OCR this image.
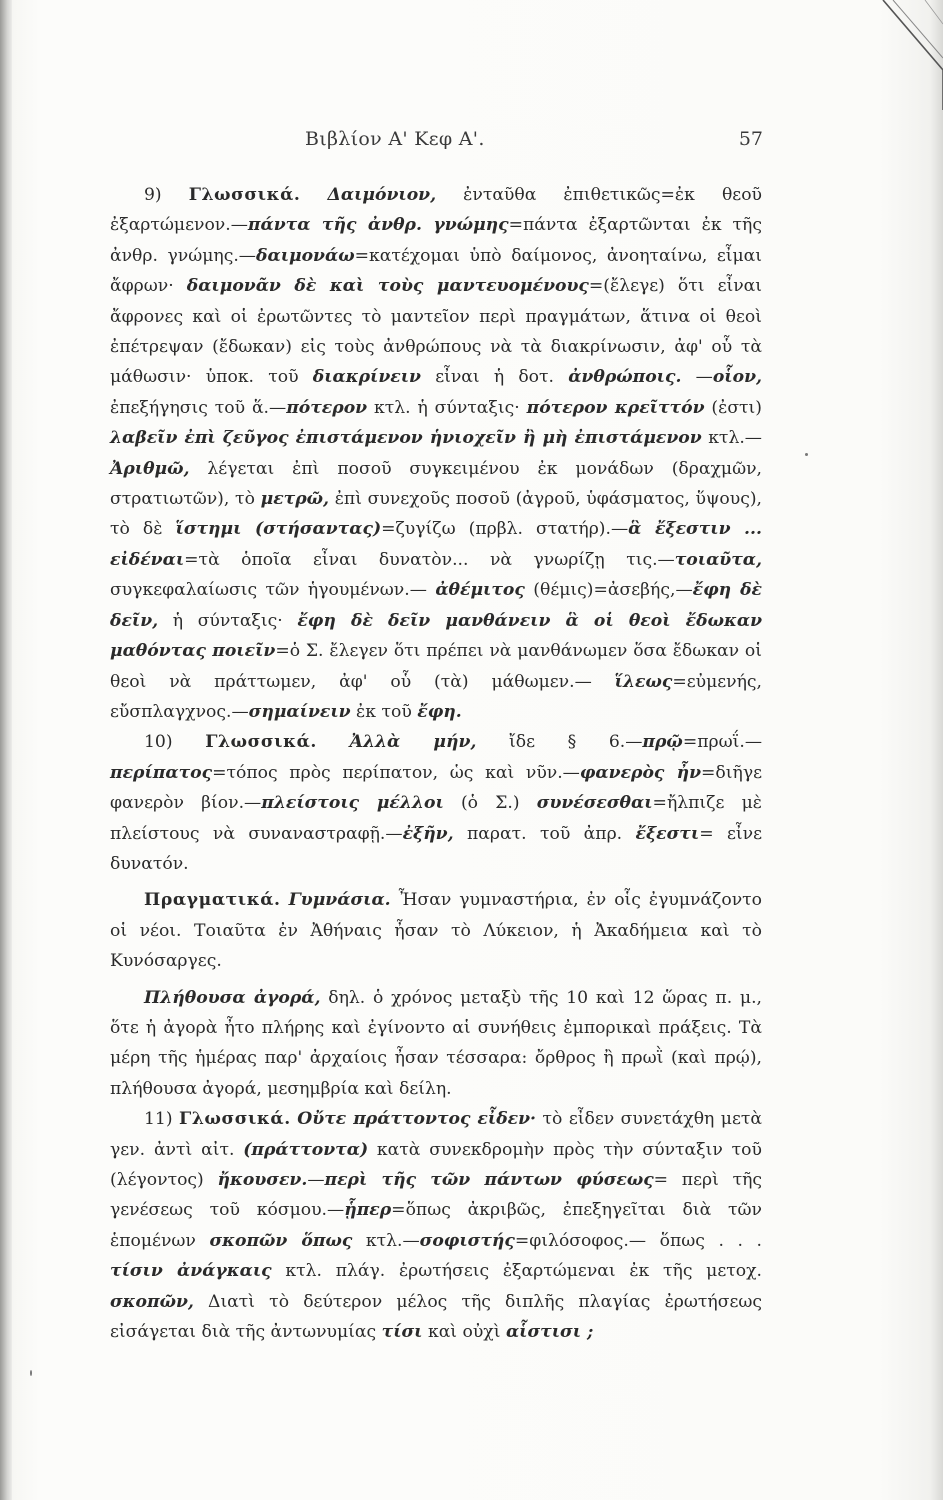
Βιβλίον Α' Κεφ Α'.	57

9) Γλωσσικά. Δαιμόνιον, ἐνταῦθα ἐπιθετικῶς=ἐκ θεοῦ ἐξαρτώμενον.—πάντα τῆς ἀνθρ. γνώμης=πάντα ἐξαρτῶνται ἐκ τῆς ἀνθρ. γνώμης.—δαιμονάω=κατέχομαι ὑπὸ δαίμονος, ἀνοηταίνω, εἶμαι ἄφρων· δαιμονᾶν δὲ καὶ τοὺς μαντευομένους=(ἔλεγε) ὅτι εἶναι ἄφρονες καὶ οἱ ἐρωτῶντες τὸ μαντεῖον περὶ πραγμάτων, ἅτινα οἱ θεοὶ ἐπέτρεψαν (ἔδωκαν) εἰς τοὺς ἀνθρώπους νὰ τὰ διακρίνωσιν, ἀφ' οὗ τὰ μάθωσιν· ὑποκ. τοῦ διακρίνειν εἶναι ἡ δοτ. ἀνθρώποις. —οἷον, ἐπεξήγησις τοῦ ἅ.—πότερον κτλ. ἡ σύνταξις· πότερον κρεῖττόν (ἐστι) λαβεῖν ἐπὶ ζεῦγος ἐπιστάμενον ἡνιοχεῖν ἢ μὴ ἐπιστάμενον κτλ.—Ἀριθμῶ, λέγεται ἐπὶ ποσοῦ συγκειμένου ἐκ μονάδων (δραχμῶν, στρατιωτῶν), τὸ μετρῶ, ἐπὶ συνεχοῦς ποσοῦ (ἀγροῦ, ὑφάσματος, ὕψους), τὸ δὲ ἵστημι (στήσαντας)=ζυγίζω (πρβλ. στατήρ).—ἃ ἔξεστιν ... εἰδέναι=τὰ ὁποῖα εἶναι δυνατὸν... νὰ γνωρίζῃ τις.—τοιαῦτα, συγκεφαλαίωσις τῶν ἡγουμένων.— ἀθέμιτος (θέμις)=ἀσεβής,—ἔφη δὲ δεῖν, ἡ σύνταξις· ἔφη δὲ δεῖν μανθάνειν ἃ οἱ θεοὶ ἔδωκαν μαθόντας ποιεῖν=ὁ Σ. ἔλεγεν ὅτι πρέπει νὰ μανθάνωμεν ὅσα ἔδωκαν οἱ θεοὶ νὰ πράττωμεν, ἀφ' οὗ (τὰ) μάθωμεν.— ἵλεως=εὐμενής, εὔσπλαγχνος.—σημαίνειν ἐκ τοῦ ἔφη.

10) Γλωσσικά. Ἀλλὰ μήν, ἴδε § 6.—πρῷ=πρωΐ.—περίπατος=τόπος πρὸς περίπατον, ὡς καὶ νῦν.—φανερὸς ἦν=διῆγε φανερὸν βίον.—πλείστοις μέλλοι (ὁ Σ.) συνέσεσθαι=ἤλπιζε μὲ πλείστους νὰ συναναστραφῇ.—ἐξῆν, παρατ. τοῦ ἀπρ. ἔξεστι= εἶνε δυνατόν.

Πραγματικά. Γυμνάσια. Ἦσαν γυμναστήρια, ἐν οἷς ἐγυμνάζοντο οἱ νέοι. Τοιαῦτα ἐν Ἀθήναις ἦσαν τὸ Λύκειον, ἡ Ἀκαδήμεια καὶ τὸ Κυνόσαργες.

Πλήθουσα ἀγορά, δηλ. ὁ χρόνος μεταξὺ τῆς 10 καὶ 12 ὥρας π. μ., ὅτε ἡ ἀγορὰ ἦτο πλήρης καὶ ἐγίνοντο αἱ συνήθεις ἐμπορικαὶ πράξεις. Τὰ μέρη τῆς ἡμέρας παρ' ἀρχαίοις ἦσαν τέσσαρα: ὄρθρος ἢ πρωῒ (καὶ πρῴ), πλήθουσα ἀγορά, μεσημβρία καὶ δείλη.

11) Γλωσσικά. Οὔτε πράττοντος εἶδεν· τὸ εἶδεν συνετάχθη μετὰ γεν. ἀντὶ αἰτ. (πράττοντα) κατὰ συνεκδρομὴν πρὸς τὴν σύνταξιν τοῦ (λέγοντος) ἤκουσεν.—περὶ τῆς τῶν πάντων φύσεως= περὶ τῆς γενέσεως τοῦ κόσμου.—ᾗπερ=ὅπως ἀκριβῶς, ἐπεξηγεῖται διὰ τῶν ἑπομένων σκοπῶν ὅπως κτλ.—σοφιστής=φιλόσοφος.— ὅπως . . . τίσιν ἀνάγκαις κτλ. πλάγ. ἐρωτήσεις ἐξαρτώμεναι ἐκ τῆς μετοχ. σκοπῶν, Διατὶ τὸ δεύτερον μέλος τῆς διπλῆς πλαγίας ἐρωτήσεως εἰσάγεται διὰ τῆς ἀντωνυμίας τίσι καὶ οὐχὶ αἷστισι ;
